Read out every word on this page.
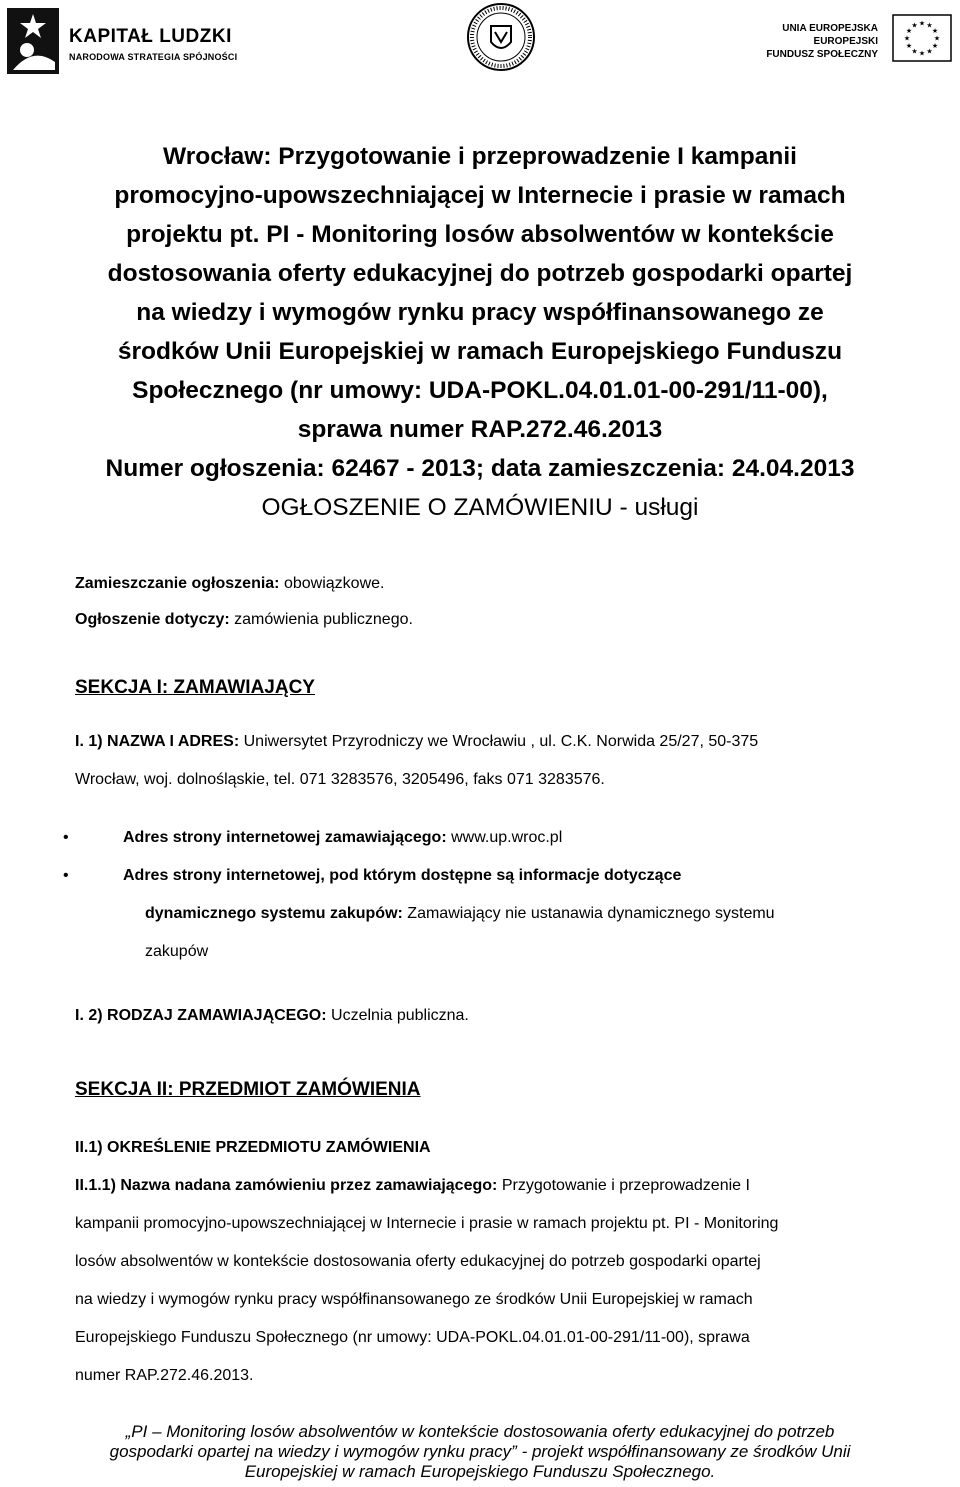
KAPITAŁ LUDZKI
NARODOWA STRATEGIA SPÓJNOŚCI
UNIA EUROPEJSKA
EUROPEJSKI
FUNDUSZ SPOŁECZNY
★
★
★
★
★
★
★
★
★ ★ ★
★

Wrocław: Przygotowanie i przeprowadzenie I kampanii

promocyjno-upowszechniającej w Internecie i prasie w ramach

projektu pt. PI - Monitoring losów absolwentów w kontekście

dostosowania oferty edukacyjnej do potrzeb gospodarki opartej

na wiedzy i wymogów rynku pracy współfinansowanego ze

środków Unii Europejskiej w ramach Europejskiego Funduszu

Społecznego (nr umowy: UDA-POKL.04.01.01-00-291/11-00),

sprawa numer RAP.272.46.2013

Numer ogłoszenia: 62467 - 2013; data zamieszczenia: 24.04.2013

OGŁOSZENIE O ZAMÓWIENIU - usługi

Zamieszczanie ogłoszenia: obowiązkowe.

Ogłoszenie dotyczy: zamówienia publicznego.

SEKCJA I: ZAMAWIAJĄCY

I. 1) NAZWA I ADRES: Uniwersytet Przyrodniczy we Wrocławiu , ul. C.K. Norwida 25/27, 50-375

Wrocław, woj. dolnośląskie, tel. 071 3283576, 3205496, faks 071 3283576.

• Adres strony internetowej zamawiającego: www.up.wroc.pl
• Adres strony internetowej, pod którym dostępne są informacje dotyczące

dynamicznego systemu zakupów: Zamawiający nie ustanawia dynamicznego systemu

zakupów

I. 2) RODZAJ ZAMAWIAJĄCEGO: Uczelnia publiczna.

SEKCJA II: PRZEDMIOT ZAMÓWIENIA

II.1) OKREŚLENIE PRZEDMIOTU ZAMÓWIENIA

II.1.1) Nazwa nadana zamówieniu przez zamawiającego: Przygotowanie i przeprowadzenie I

kampanii promocyjno-upowszechniającej w Internecie i prasie w ramach projektu pt. PI - Monitoring

losów absolwentów w kontekście dostosowania oferty edukacyjnej do potrzeb gospodarki opartej

na wiedzy i wymogów rynku pracy współfinansowanego ze środków Unii Europejskiej w ramach

Europejskiego Funduszu Społecznego (nr umowy: UDA-POKL.04.01.01-00-291/11-00), sprawa

numer RAP.272.46.2013.

„PI – Monitoring losów absolwentów w kontekście dostosowania oferty edukacyjnej do potrzeb

gospodarki opartej na wiedzy i wymogów rynku pracy” - projekt współfinansowany ze środków Unii

Europejskiej w ramach Europejskiego Funduszu Społecznego.
